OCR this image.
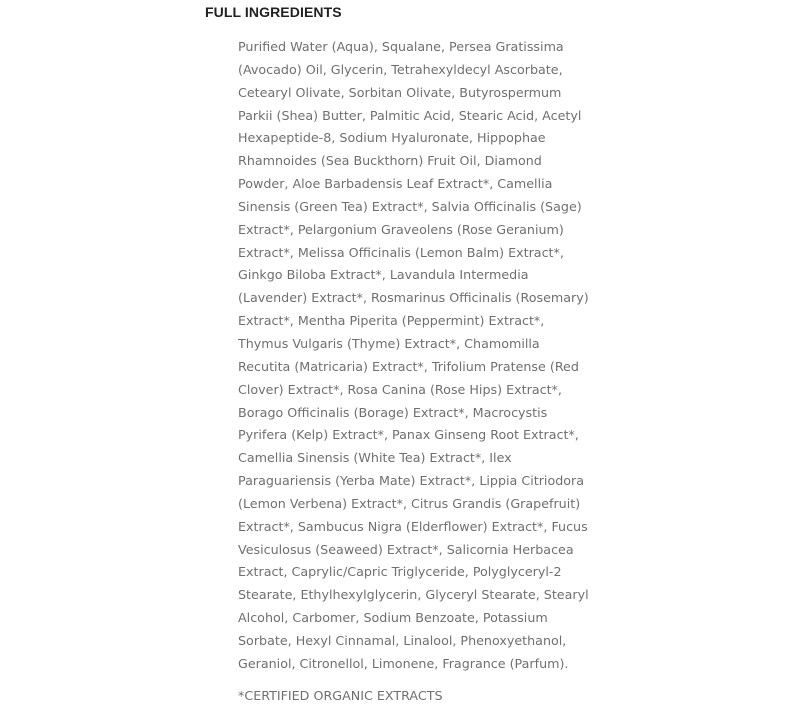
FULL INGREDIENTS

Purified Water (Aqua), Squalane, Persea Gratissima
(Avocado) Oil, Glycerin, Tetrahexyldecyl Ascorbate,
Cetearyl Olivate, Sorbitan Olivate, Butyrospermum
Parkii (Shea) Butter, Palmitic Acid, Stearic Acid, Acetyl
Hexapeptide-8, Sodium Hyaluronate, Hippophae
Rhamnoides (Sea Buckthorn) Fruit Oil, Diamond
Powder, Aloe Barbadensis Leaf Extract*, Camellia
Sinensis (Green Tea) Extract*, Salvia Officinalis (Sage)
Extract*, Pelargonium Graveolens (Rose Geranium)
Extract*, Melissa Officinalis (Lemon Balm) Extract*,
Ginkgo Biloba Extract*, Lavandula Intermedia
(Lavender) Extract*, Rosmarinus Officinalis (Rosemary)
Extract*, Mentha Piperita (Peppermint) Extract*,
Thymus Vulgaris (Thyme) Extract*, Chamomilla
Recutita (Matricaria) Extract*, Trifolium Pratense (Red
Clover) Extract*, Rosa Canina (Rose Hips) Extract*,
Borago Officinalis (Borage) Extract*, Macrocystis
Pyrifera (Kelp) Extract*, Panax Ginseng Root Extract*,
Camellia Sinensis (White Tea) Extract*, Ilex
Paraguariensis (Yerba Mate) Extract*, Lippia Citriodora
(Lemon Verbena) Extract*, Citrus Grandis (Grapefruit)
Extract*, Sambucus Nigra (Elderflower) Extract*, Fucus
Vesiculosus (Seaweed) Extract*, Salicornia Herbacea
Extract, Caprylic/Capric Triglyceride, Polyglyceryl-2
Stearate, Ethylhexylglycerin, Glyceryl Stearate, Stearyl
Alcohol, Carbomer, Sodium Benzoate, Potassium
Sorbate, Hexyl Cinnamal, Linalool, Phenoxyethanol,
Geraniol, Citronellol, Limonene, Fragrance (Parfum).

*CERTIFIED ORGANIC EXTRACTS
